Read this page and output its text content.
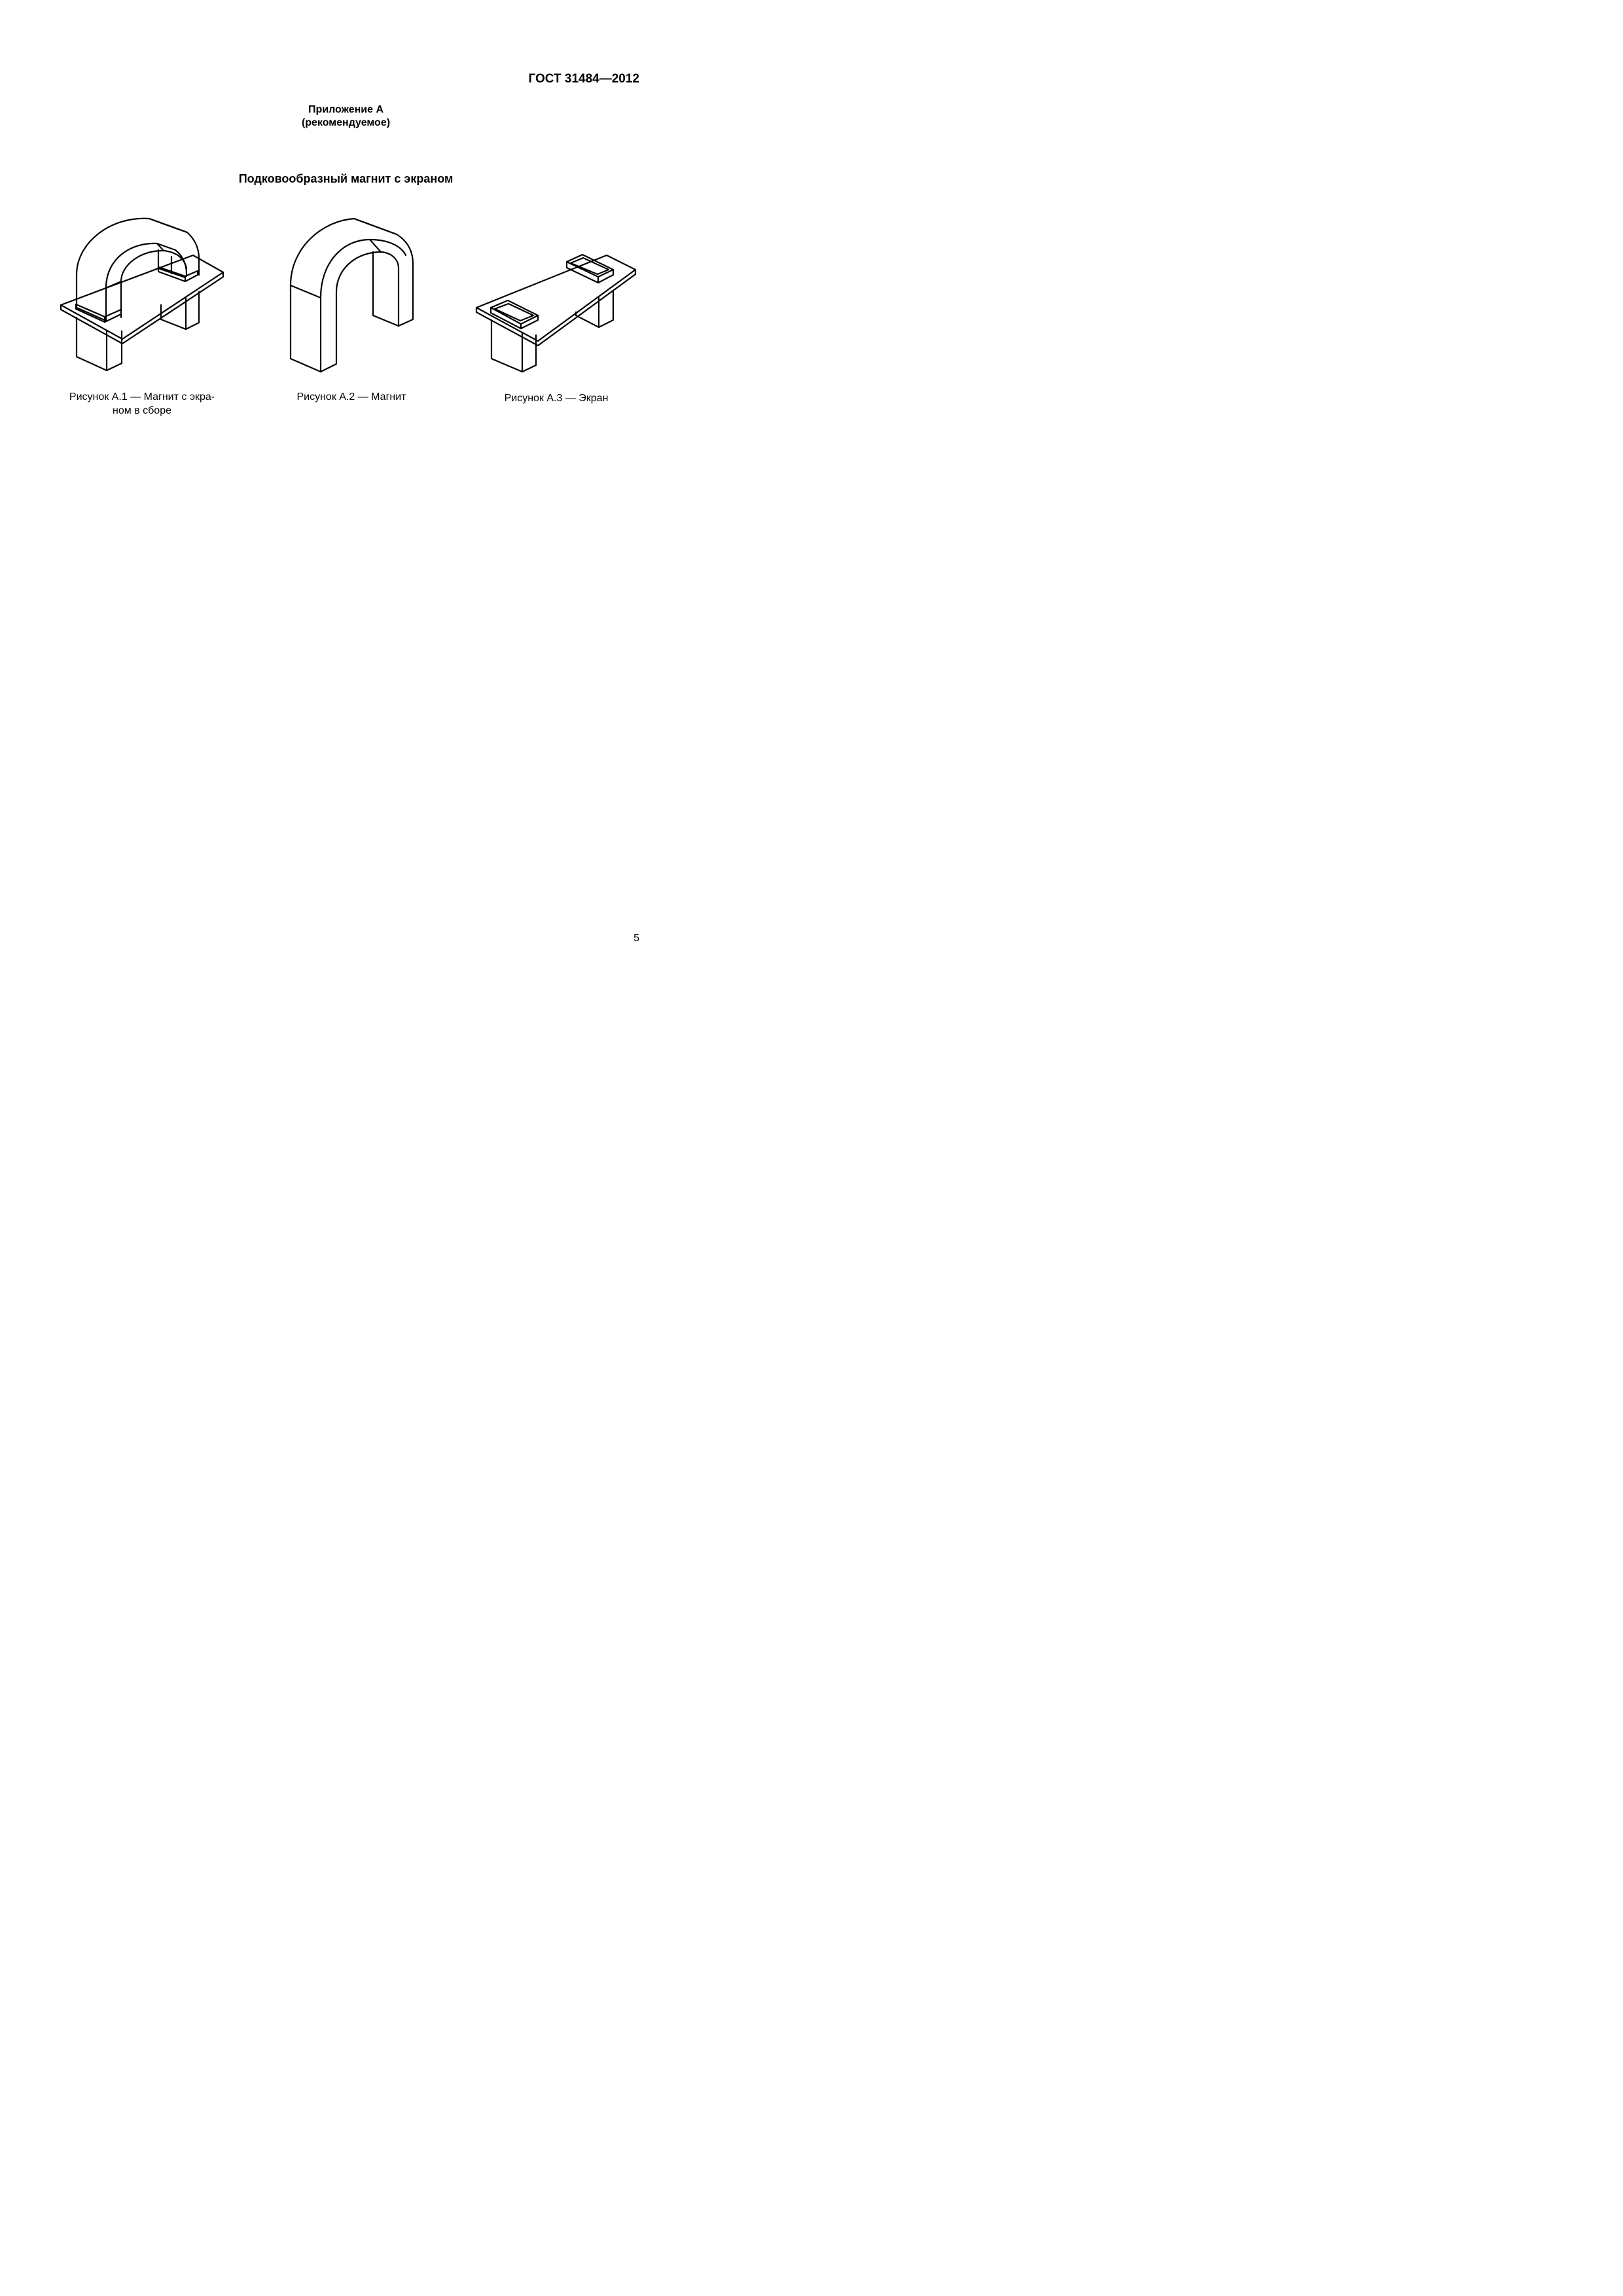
ГОСТ 31484—2012
Приложение А
(рекомендуемое)
Подковообразный магнит с экраном
Рисунок А.1 — Магнит с экра-
ном в сборе
Рисунок А.2 — Магнит	Рисунок А.3 — Экран
5
